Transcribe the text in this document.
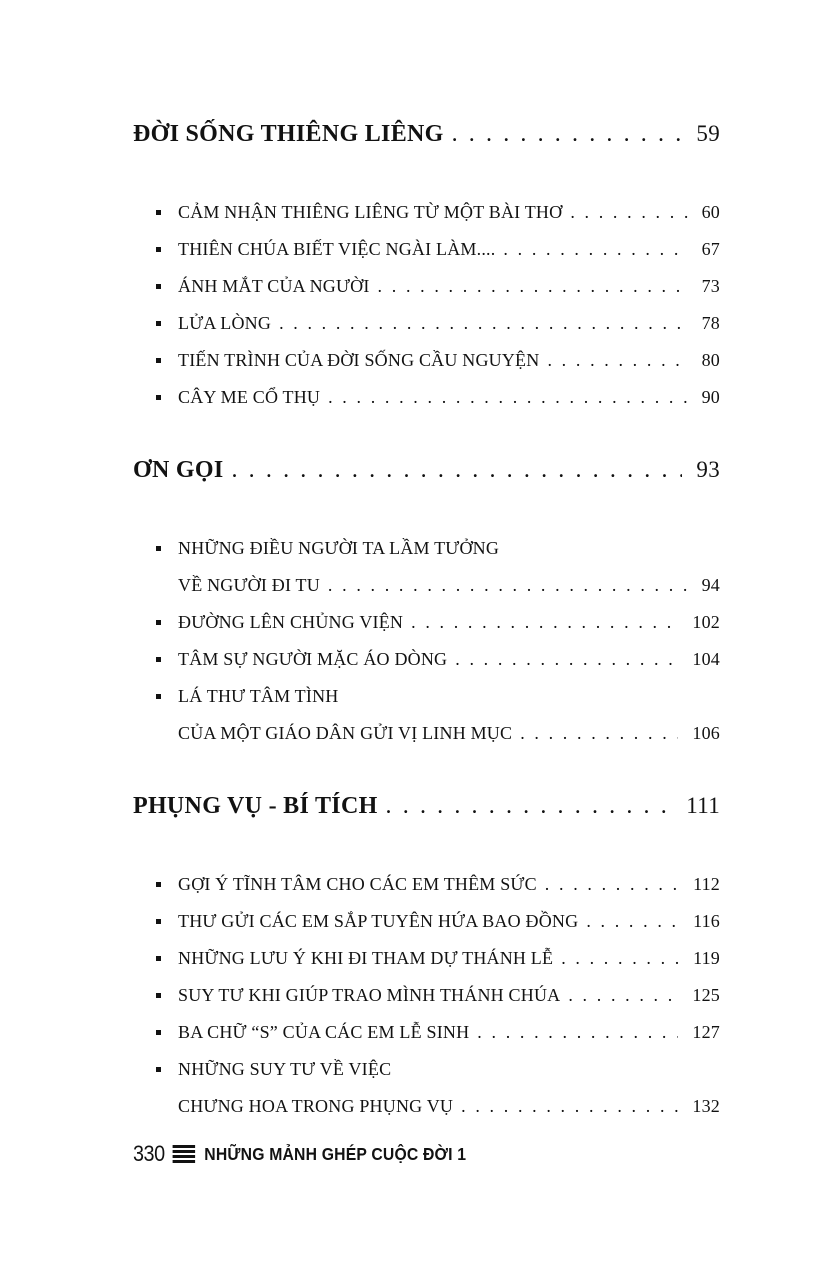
ĐỜI SỐNG THIÊNG LIÊNG . . .	59
CẢM NHẬN THIÊNG LIÊNG TỪ MỘT BÀI THƠ . . .	60
THIÊN CHÚA BIẾT VIỆC NGÀI LÀM.... . . .	67
ÁNH MẮT CỦA NGƯỜI . . .	73
LỬA LÒNG . . .	78
TIẾN TRÌNH CỦA ĐỜI SỐNG CẦU NGUYỆN . . .	80
CÂY ME CỔ THỤ . . .	90
ƠN GỌI . . .	93
NHỮNG ĐIỀU NGƯỜI TA LẦM TƯỞNG
VỀ NGƯỜI ĐI TU . . .	94
ĐƯỜNG LÊN CHỦNG VIỆN . . .	102
TÂM SỰ NGƯỜI MẶC ÁO DÒNG . . .	104
LÁ THƯ TÂM TÌNH
CỦA MỘT GIÁO DÂN GỬI VỊ LINH MỤC . . .	106
PHỤNG VỤ - BÍ TÍCH . . .	111
GỢI Ý TĨNH TÂM CHO CÁC EM THÊM SỨC . . .	112
THƯ GỬI CÁC EM SẮP TUYÊN HỨA BAO ĐỒNG . . .	116
NHỮNG LƯU Ý KHI ĐI THAM DỰ THÁNH LỄ . . .	119
SUY TƯ KHI GIÚP TRAO MÌNH THÁNH CHÚA . . .	125
BA CHỮ “S” CỦA CÁC EM LỄ SINH . . .	127
NHỮNG SUY TƯ VỀ VIỆC
CHƯNG HOA TRONG PHỤNG VỤ . . .	132
330 NHỮNG MẢNH GHÉP CUỘC ĐỜI 1
